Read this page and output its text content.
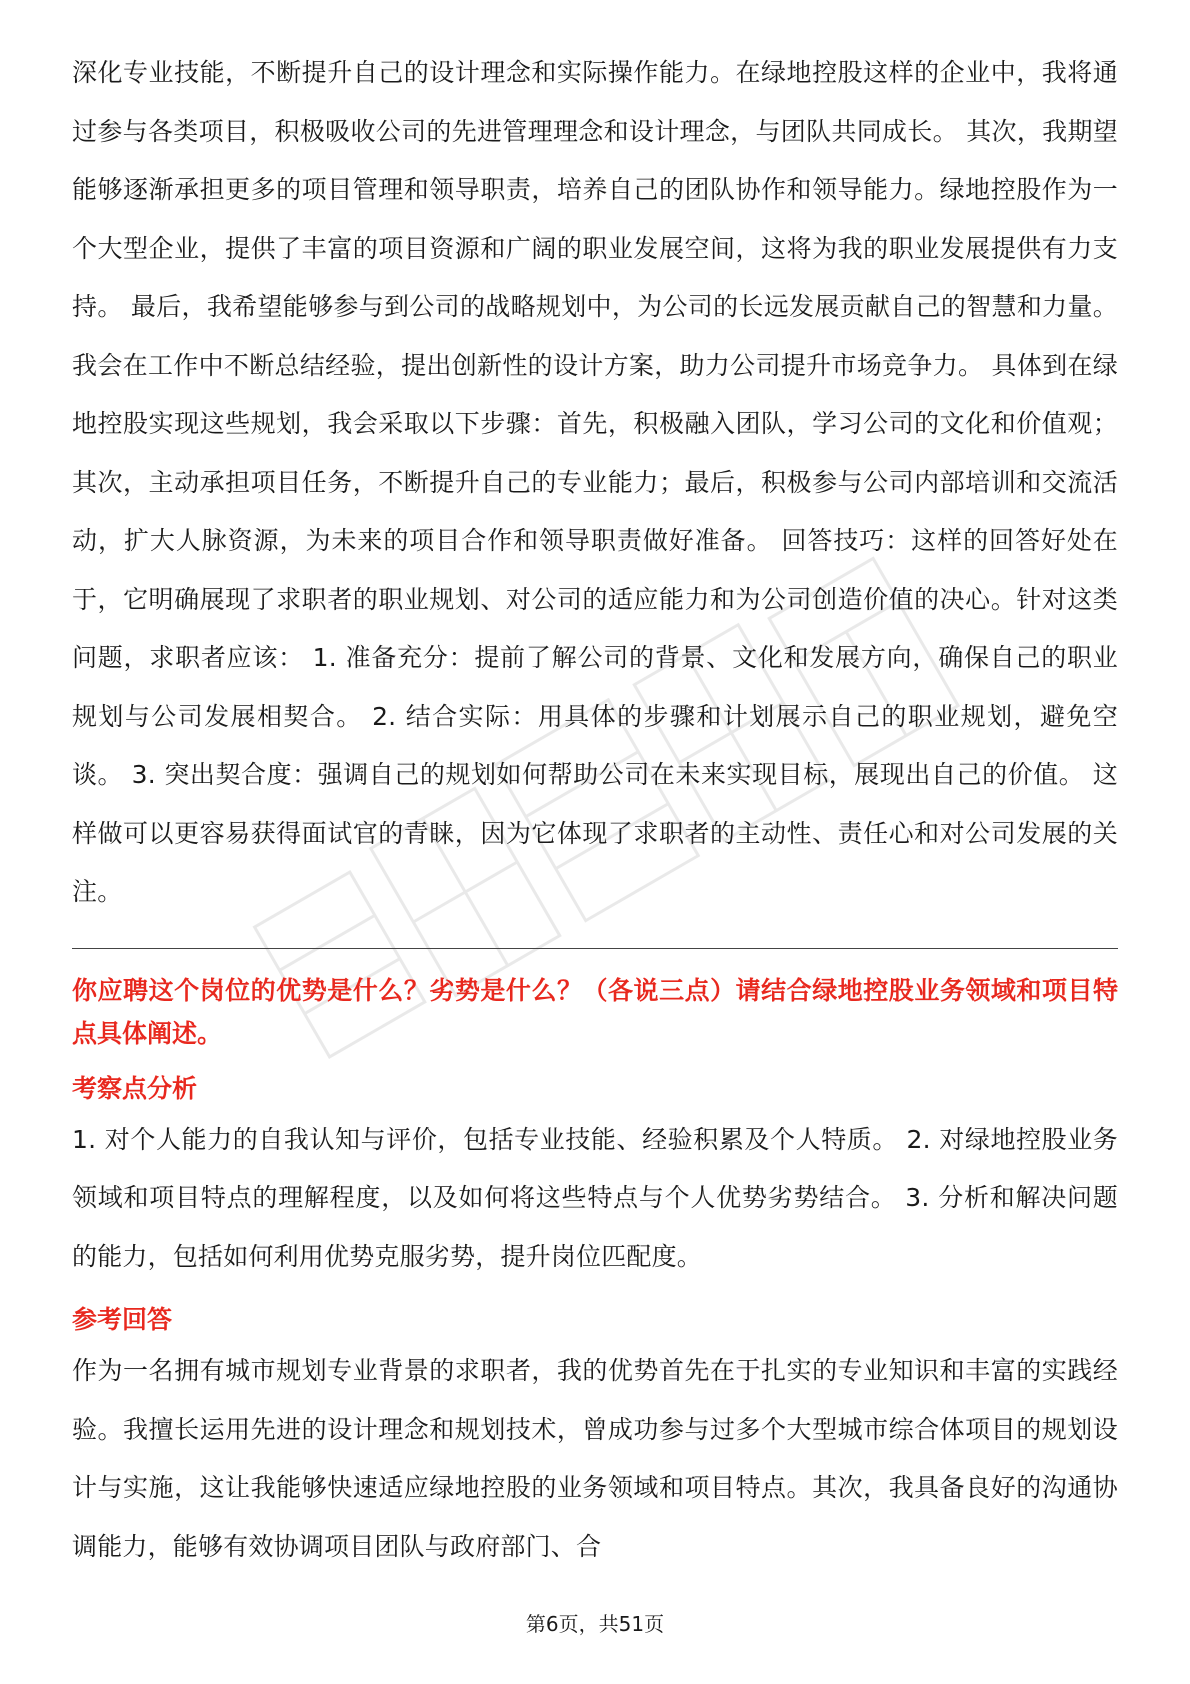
深化专业技能，不断提升自己的设计理念和实际操作能力。在绿地控股这样的企业中，我将通过参与各类项目，积极吸收公司的先进管理理念和设计理念，与团队共同成长。 其次，我期望能够逐渐承担更多的项目管理和领导职责，培养自己的团队协作和领导能力。绿地控股作为一个大型企业，提供了丰富的项目资源和广阔的职业发展空间，这将为我的职业发展提供有力支持。 最后，我希望能够参与到公司的战略规划中，为公司的长远发展贡献自己的智慧和力量。我会在工作中不断总结经验，提出创新性的设计方案，助力公司提升市场竞争力。 具体到在绿地控股实现这些规划，我会采取以下步骤：首先，积极融入团队，学习公司的文化和价值观；其次，主动承担项目任务，不断提升自己的专业能力；最后，积极参与公司内部培训和交流活动，扩大人脉资源，为未来的项目合作和领导职责做好准备。 回答技巧：这样的回答好处在于，它明确展现了求职者的职业规划、对公司的适应能力和为公司创造价值的决心。针对这类问题，求职者应该： 1. 准备充分：提前了解公司的背景、文化和发展方向，确保自己的职业规划与公司发展相契合。 2. 结合实际：用具体的步骤和计划展示自己的职业规划，避免空谈。 3. 突出契合度：强调自己的规划如何帮助公司在未来实现目标，展现出自己的价值。 这样做可以更容易获得面试官的青睐，因为它体现了求职者的主动性、责任心和对公司发展的关注。

你应聘这个岗位的优势是什么？劣势是什么？（各说三点）请结合绿地控股业务领域和项目特点具体阐述。

考察点分析

1. 对个人能力的自我认知与评价，包括专业技能、经验积累及个人特质。 2. 对绿地控股业务领域和项目特点的理解程度，以及如何将这些特点与个人优势劣势结合。 3. 分析和解决问题的能力，包括如何利用优势克服劣势，提升岗位匹配度。

参考回答

作为一名拥有城市规划专业背景的求职者，我的优势首先在于扎实的专业知识和丰富的实践经验。我擅长运用先进的设计理念和规划技术，曾成功参与过多个大型城市综合体项目的规划设计与实施，这让我能够快速适应绿地控股的业务领域和项目特点。其次，我具备良好的沟通协调能力，能够有效协调项目团队与政府部门、合

第6页，共51页
